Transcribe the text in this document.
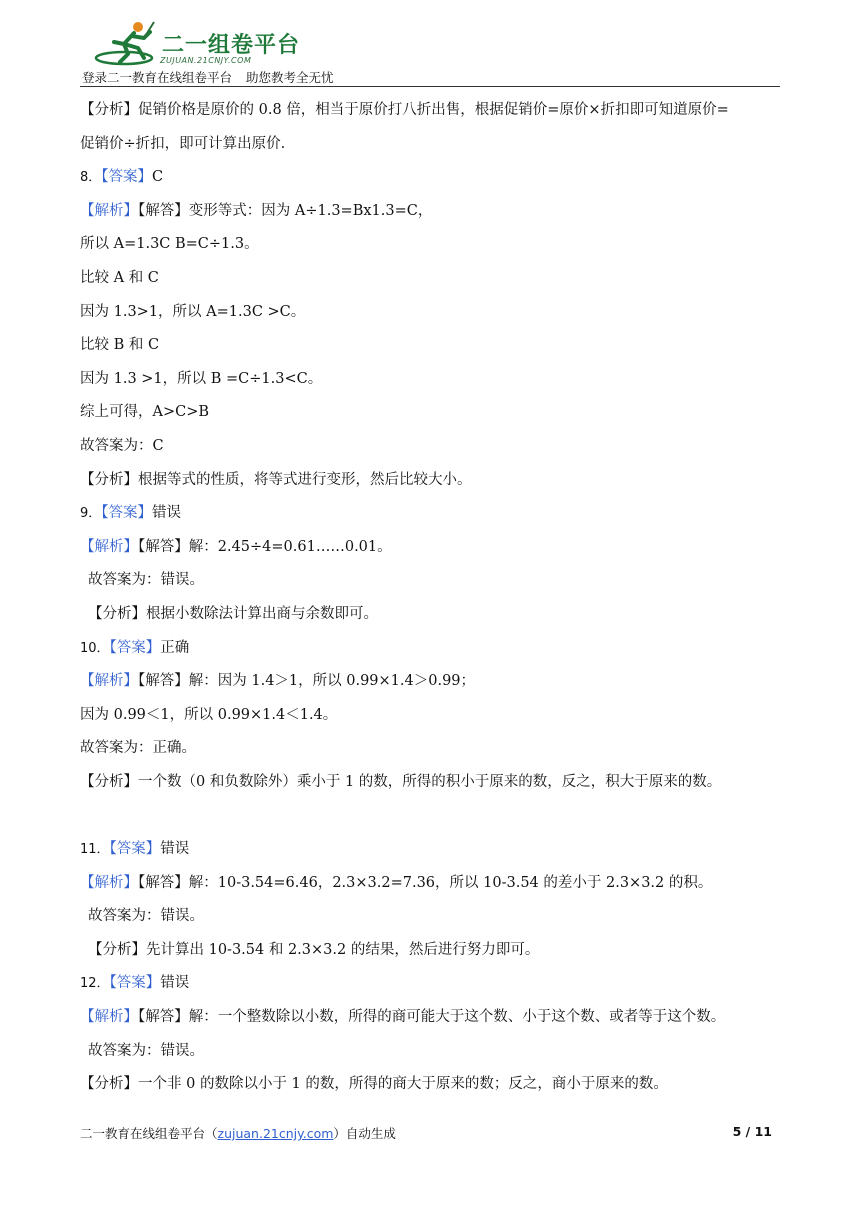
二一组卷平台
ZUJUAN.21CNJY.COM
登录二一教育在线组卷平台 助您教考全无忧
【分析】促销价格是原价的 0.8 倍，相当于原价打八折出售，根据促销价=原价×折扣即可知道原价=
促销价÷折扣，即可计算出原价.
8．【答案】C
【解析】【解答】变形等式：因为 A÷1.3=Bx1.3=C，
所以 A=1.3C B=C÷1.3。
比较 A 和 C
因为 1.3>1，所以 A=1.3C >C。
比较 B 和 C
因为 1.3 >1，所以 B =C÷1.3<C。
综上可得，A>C>B
故答案为：C
【分析】根据等式的性质，将等式进行变形，然后比较大小。
9．【答案】错误
【解析】【解答】解：2.45÷4=0.61……0.01。
故答案为：错误。
【分析】根据小数除法计算出商与余数即可。
10．【答案】正确
【解析】【解答】解：因为 1.4＞1，所以 0.99×1.4＞0.99；
因为 0.99＜1，所以 0.99×1.4＜1.4。
故答案为：正确。
【分析】一个数（0 和负数除外）乘小于 1 的数，所得的积小于原来的数，反之，积大于原来的数。
11．【答案】错误
【解析】【解答】解：10-3.54=6.46，2.3×3.2=7.36，所以 10-3.54 的差小于 2.3×3.2 的积。
故答案为：错误。
【分析】先计算出 10-3.54 和 2.3×3.2 的结果，然后进行努力即可。
12．【答案】错误
【解析】【解答】解：一个整数除以小数，所得的商可能大于这个数、小于这个数、或者等于这个数。
故答案为：错误。
【分析】一个非 0 的数除以小于 1 的数，所得的商大于原来的数；反之，商小于原来的数。
二一教育在线组卷平台（zujuan.21cnjy.com）自动生成	5 / 11
